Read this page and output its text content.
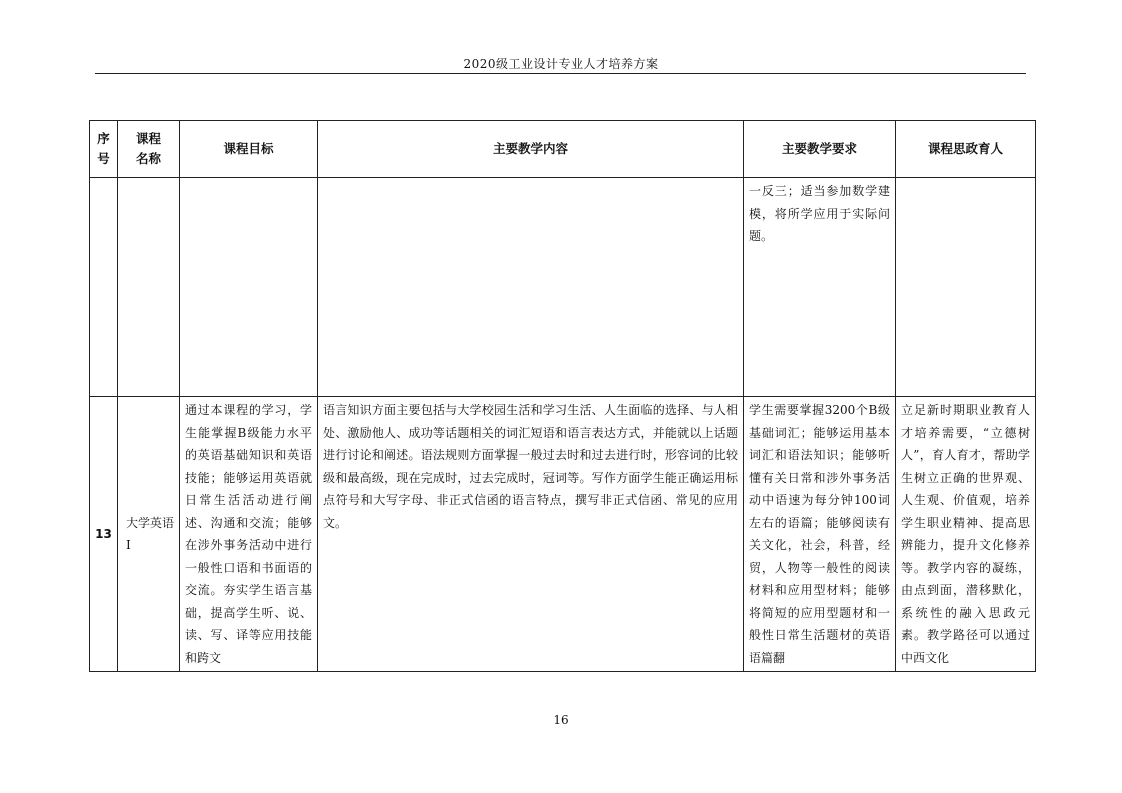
2020级工业设计专业人才培养方案
序号	课程名称	课程目标	主要教学内容	主要教学要求	课程思政育人
				一反三；适当参加数学建模，将所学应用于实际问题。	
13	大学英语Ⅰ	通过本课程的学习，学生能掌握B级能力水平的英语基础知识和英语技能；能够运用英语就日常生活活动进行阐述、沟通和交流；能够在涉外事务活动中进行一般性口语和书面语的交流。夯实学生语言基础，提高学生听、说、读、写、译等应用技能和跨文	语言知识方面主要包括与大学校园生活和学习生活、人生面临的选择、与人相处、激励他人、成功等话题相关的词汇短语和语言表达方式，并能就以上话题进行讨论和阐述。语法规则方面掌握一般过去时和过去进行时，形容词的比较级和最高级，现在完成时，过去完成时，冠词等。写作方面学生能正确运用标点符号和大写字母、非正式信函的语言特点，撰写非正式信函、常见的应用文。	学生需要掌握3200个B级基础词汇；能够运用基本词汇和语法知识；能够听懂有关日常和涉外事务活动中语速为每分钟100词左右的语篇；能够阅读有关文化，社会，科普，经贸，人物等一般性的阅读材料和应用型材料；能够将简短的应用型题材和一般性日常生活题材的英语语篇翻	立足新时期职业教育人才培养需要，“立德树人”，育人育才，帮助学生树立正确的世界观、人生观、价值观，培养学生职业精神、提高思辨能力，提升文化修养等。教学内容的凝练，由点到面，潜移默化，系统性的融入思政元素。教学路径可以通过中西文化
16
